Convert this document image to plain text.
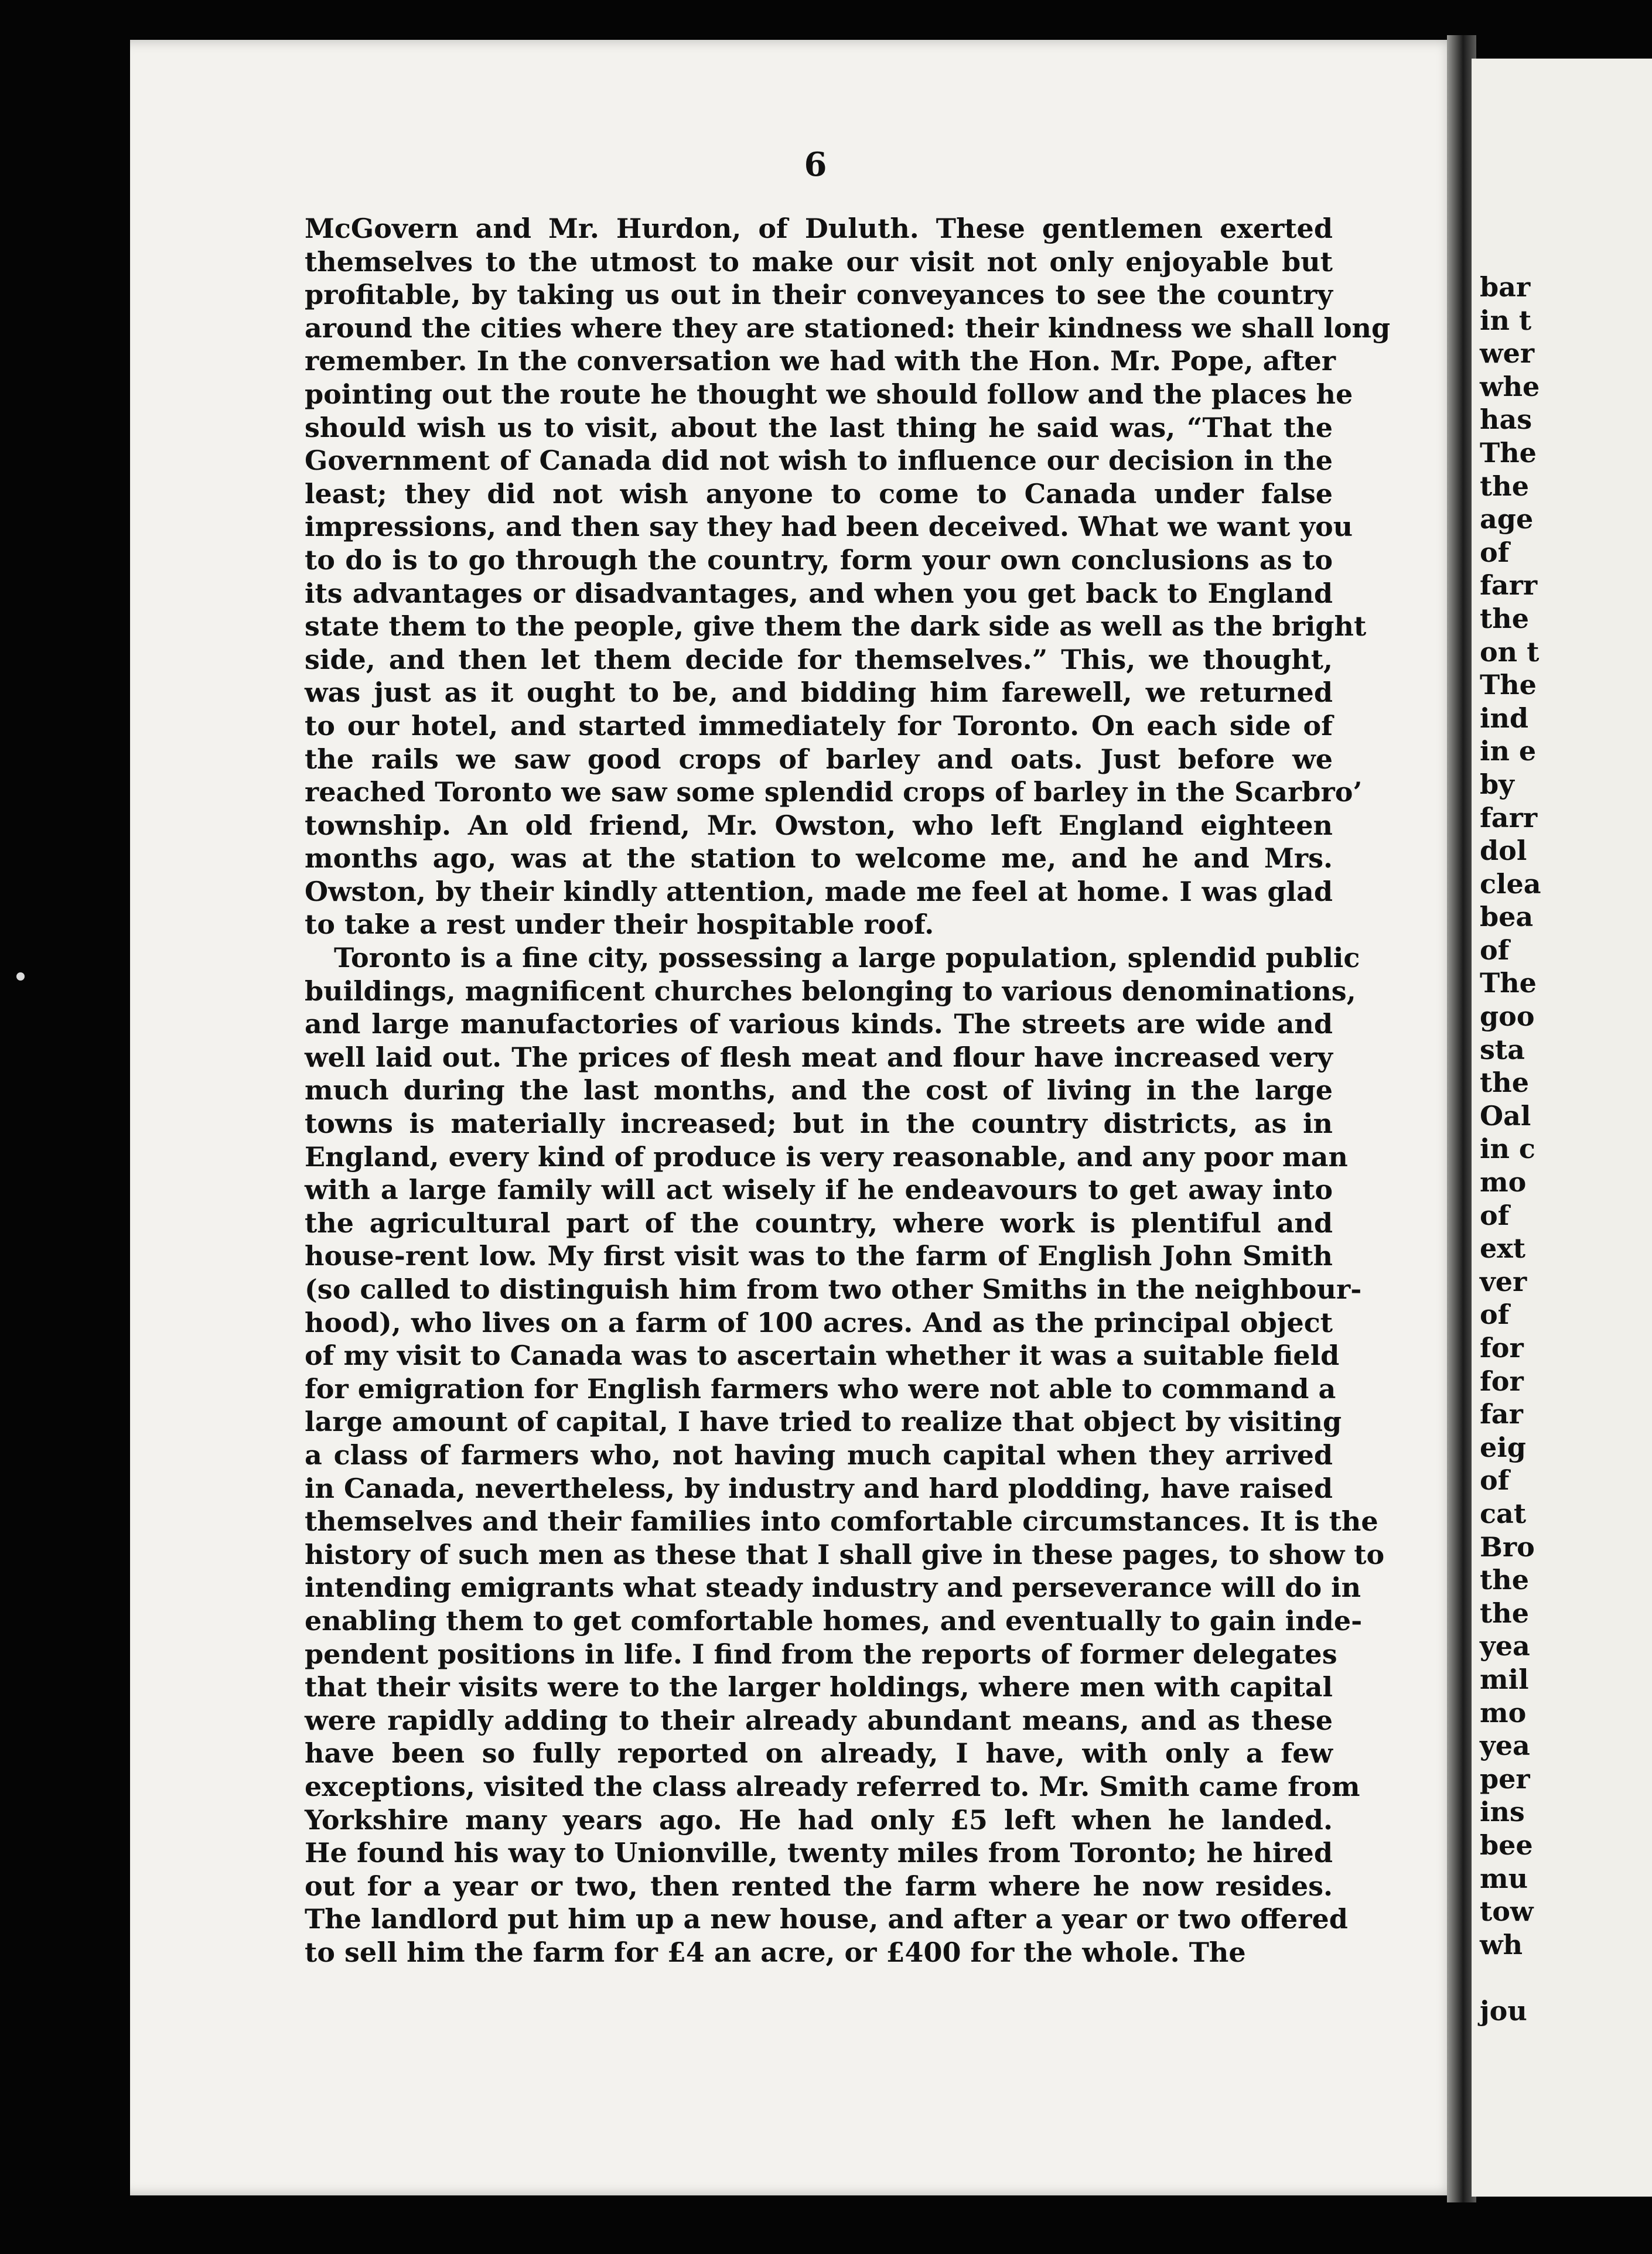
6
McGovern and Mr. Hurdon, of Duluth. These gentlemen exerted
themselves to the utmost to make our visit not only enjoyable but
profitable, by taking us out in their conveyances to see the country
around the cities where they are stationed: their kindness we shall long
remember. In the conversation we had with the Hon. Mr. Pope, after
pointing out the route he thought we should follow and the places he
should wish us to visit, about the last thing he said was, “That the
Government of Canada did not wish to influence our decision in the
least; they did not wish anyone to come to Canada under false
impressions, and then say they had been deceived. What we want you
to do is to go through the country, form your own conclusions as to
its advantages or disadvantages, and when you get back to England
state them to the people, give them the dark side as well as the bright
side, and then let them decide for themselves.” This, we thought,
was just as it ought to be, and bidding him farewell, we returned
to our hotel, and started immediately for Toronto. On each side of
the rails we saw good crops of barley and oats. Just before we
reached Toronto we saw some splendid crops of barley in the Scarbro’
township. An old friend, Mr. Owston, who left England eighteen
months ago, was at the station to welcome me, and he and Mrs.
Owston, by their kindly attention, made me feel at home. I was glad
to take a rest under their hospitable roof.
Toronto is a fine city, possessing a large population, splendid public
buildings, magnificent churches belonging to various denominations,
and large manufactories of various kinds. The streets are wide and
well laid out. The prices of flesh meat and flour have increased very
much during the last months, and the cost of living in the large
towns is materially increased; but in the country districts, as in
England, every kind of produce is very reasonable, and any poor man
with a large family will act wisely if he endeavours to get away into
the agricultural part of the country, where work is plentiful and
house-rent low. My first visit was to the farm of English John Smith
(so called to distinguish him from two other Smiths in the neighbour-
hood), who lives on a farm of 100 acres. And as the principal object
of my visit to Canada was to ascertain whether it was a suitable field
for emigration for English farmers who were not able to command a
large amount of capital, I have tried to realize that object by visiting
a class of farmers who, not having much capital when they arrived
in Canada, nevertheless, by industry and hard plodding, have raised
themselves and their families into comfortable circumstances. It is the
history of such men as these that I shall give in these pages, to show to
intending emigrants what steady industry and perseverance will do in
enabling them to get comfortable homes, and eventually to gain inde-
pendent positions in life. I find from the reports of former delegates
that their visits were to the larger holdings, where men with capital
were rapidly adding to their already abundant means, and as these
have been so fully reported on already, I have, with only a few
exceptions, visited the class already referred to. Mr. Smith came from
Yorkshire many years ago. He had only £5 left when he landed.
He found his way to Unionville, twenty miles from Toronto; he hired
out for a year or two, then rented the farm where he now resides.
The landlord put him up a new house, and after a year or two offered
to sell him the farm for £4 an acre, or £400 for the whole. The
bar
in t
wer
whe
has
The
the
age
of
farr
the
on t
The
ind
in e
by
farr
dol
clea
bea
of
The
goo
sta
the
Oal
in c
mo
of
ext
ver
of
for
for
far
eig
of
cat
Bro
the
the
yea
mil
mo
yea
per
ins
bee
mu
tow
wh
jou
